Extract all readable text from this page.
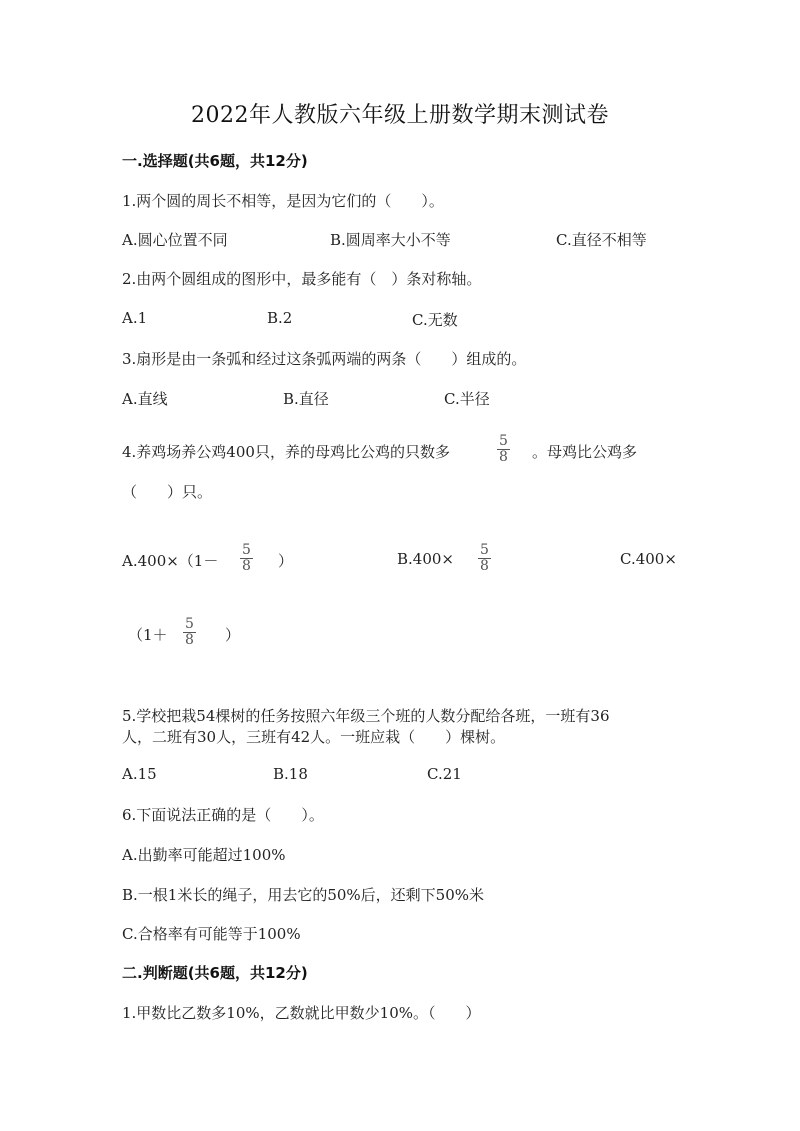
2022年人教版六年级上册数学期末测试卷
一.选择题(共6题，共12分)
1.两个圆的周长不相等，是因为它们的（　　）。
A.圆心位置不同	B.圆周率大小不等	C.直径不相等
2.由两个圆组成的图形中，最多能有（　）条对称轴。
A.1	B.2	C.无数
3.扇形是由一条弧和经过这条弧两端的两条（　　）组成的。
A.直线	B.直径	C.半径
4.养鸡场养公鸡400只，养的母鸡比公鸡的只数多	$\frac{5}{8}$ 。母鸡比公鸡多
（　　）只。
$A.400\times(1- \frac{5}{8}$ ）	$B.400\times \frac{5}{8}$	C.400×
（$1+ \frac{5}{8}$ ）
5.学校把栽54棵树的任务按照六年级三个班的人数分配给各班，一班有36
人，二班有30人，三班有42人。一班应栽（　　）棵树。
A.15	B.18	C.21
6.下面说法正确的是（　　）。
A.出勤率可能超过100%
B.一根1米长的绳子，用去它的50%后，还剩下50%米
C.合格率有可能等于100%
二.判断题(共6题，共12分)
1.甲数比乙数多10%，乙数就比甲数少10%。（　　）
